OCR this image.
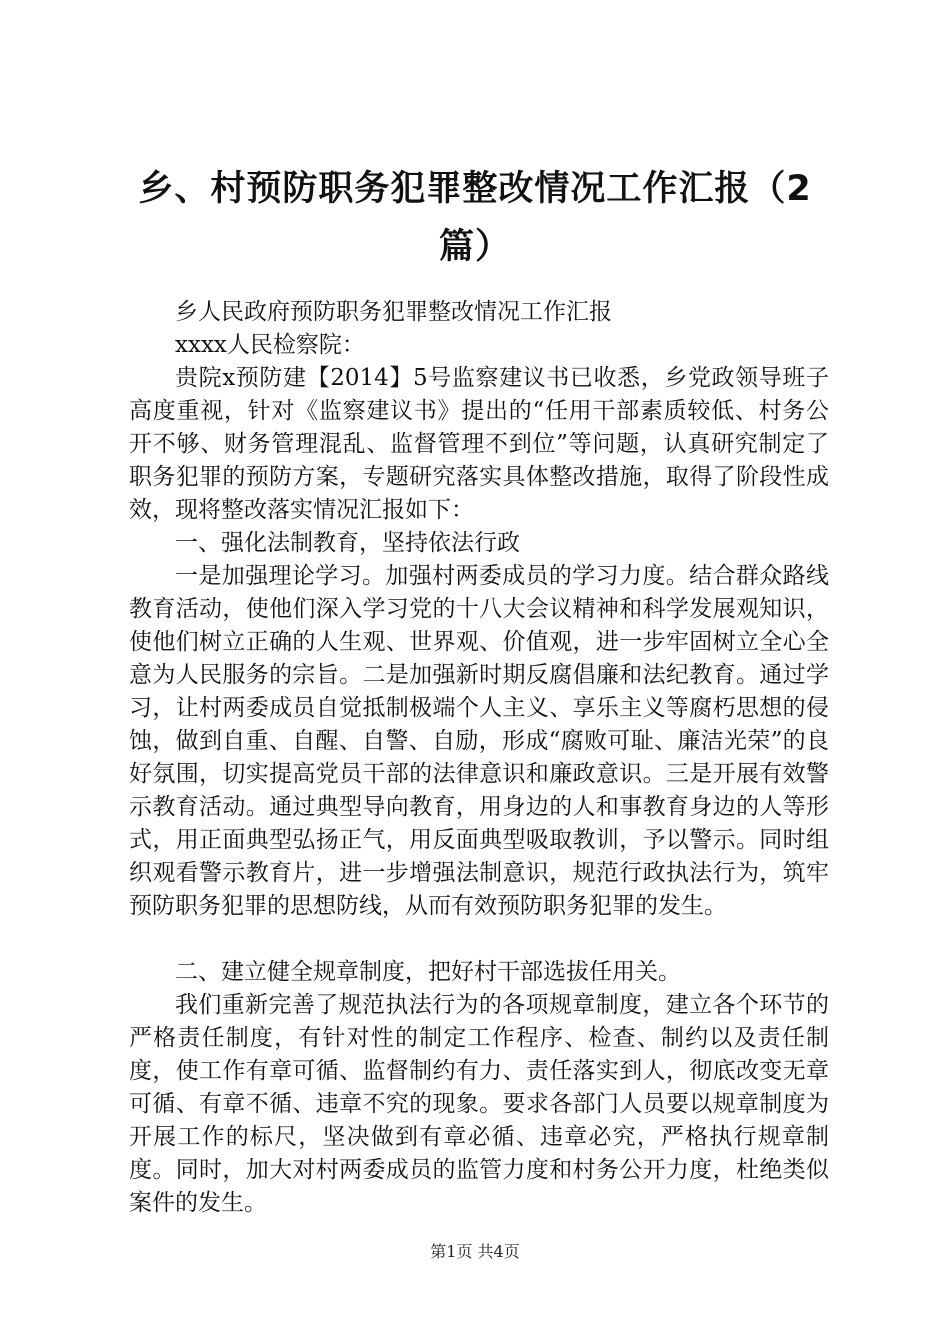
乡、村预防职务犯罪整改情况工作汇报（2篇）

乡人民政府预防职务犯罪整改情况工作汇报

xxxx人民检察院：

贵院x预防建【2014】5号监察建议书已收悉，乡党政领导班子高度重视，针对《监察建议书》提出的“任用干部素质较低、村务公开不够、财务管理混乱、监督管理不到位”等问题，认真研究制定了职务犯罪的预防方案，专题研究落实具体整改措施，取得了阶段性成效，现将整改落实情况汇报如下：

一、强化法制教育，坚持依法行政

一是加强理论学习。加强村两委成员的学习力度。结合群众路线教育活动，使他们深入学习党的十八大会议精神和科学发展观知识，使他们树立正确的人生观、世界观、价值观，进一步牢固树立全心全意为人民服务的宗旨。二是加强新时期反腐倡廉和法纪教育。通过学习，让村两委成员自觉抵制极端个人主义、享乐主义等腐朽思想的侵蚀，做到自重、自醒、自警、自励，形成“腐败可耻、廉洁光荣”的良好氛围，切实提高党员干部的法律意识和廉政意识。三是开展有效警示教育活动。通过典型导向教育，用身边的人和事教育身边的人等形式，用正面典型弘扬正气，用反面典型吸取教训，予以警示。同时组织观看警示教育片，进一步增强法制意识，规范行政执法行为，筑牢预防职务犯罪的思想防线，从而有效预防职务犯罪的发生。

二、建立健全规章制度，把好村干部选拔任用关。

我们重新完善了规范执法行为的各项规章制度，建立各个环节的严格责任制度，有针对性的制定工作程序、检查、制约以及责任制度，使工作有章可循、监督制约有力、责任落实到人，彻底改变无章可循、有章不循、违章不究的现象。要求各部门人员要以规章制度为开展工作的标尺，坚决做到有章必循、违章必究，严格执行规章制度。同时，加大对村两委成员的监管力度和村务公开力度，杜绝类似案件的发生。

第1页 共4页
